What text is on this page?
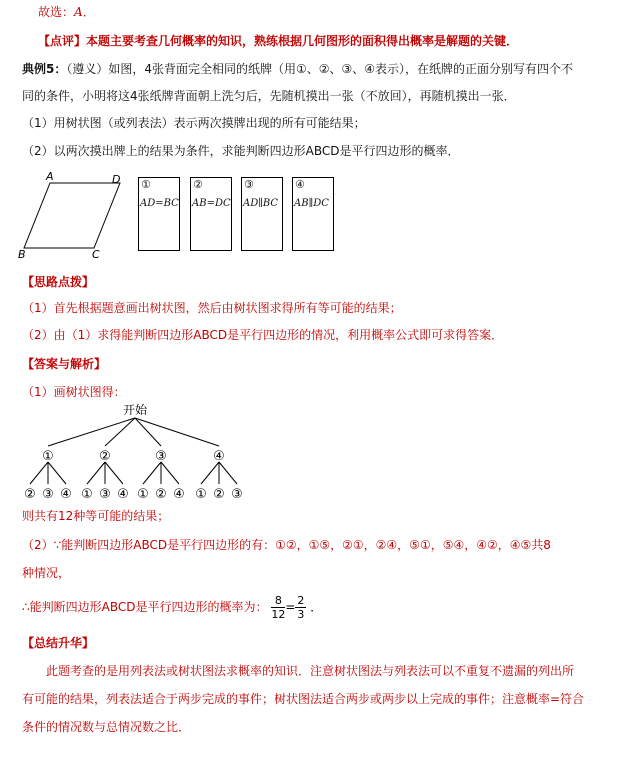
故选：A．
【点评】本题主要考查几何概率的知识，熟练根据几何图形的面积得出概率是解题的关键．
典例5：（遵义）如图，4张背面完全相同的纸牌（用①、②、③、④表示），在纸牌的正面分别写有四个不
同的条件，小明将这4张纸牌背面朝上洗匀后，先随机摸出一张（不放回），再随机摸出一张．
（1）用树状图（或列表法）表示两次摸牌出现的所有可能结果；
（2）以两次摸出牌上的结果为条件，求能判断四边形ABCD是平行四边形的概率．
A	D
B	C
①
AD=BC
②
AB=DC
③
AD∥BC
④
AB∥DC
【思路点拨】
（1）首先根据题意画出树状图，然后由树状图求得所有等可能的结果；
（2）由（1）求得能判断四边形ABCD是平行四边形的情况，利用概率公式即可求得答案．
【答案与解析】
（1）画树状图得：
开始
①	②	③	④
② ③ ④ ① ③ ④ ① ② ④ ① ② ③
则共有12种等可能的结果；
（2）∵能判断四边形ABCD是平行四边形的有：①②，①⑤，②①，②④，⑤①，⑤④，④②，④⑤共8
种情况，
∴能判断四边形ABCD是平行四边形的概率为： $\frac{8}{12} = \frac{2}{3}$ ．
【总结升华】
此题考查的是用列表法或树状图法求概率的知识．注意树状图法与列表法可以不重复不遗漏的列出所
有可能的结果，列表法适合于两步完成的事件；树状图法适合两步或两步以上完成的事件；注意概率=符合
条件的情况数与总情况数之比．
